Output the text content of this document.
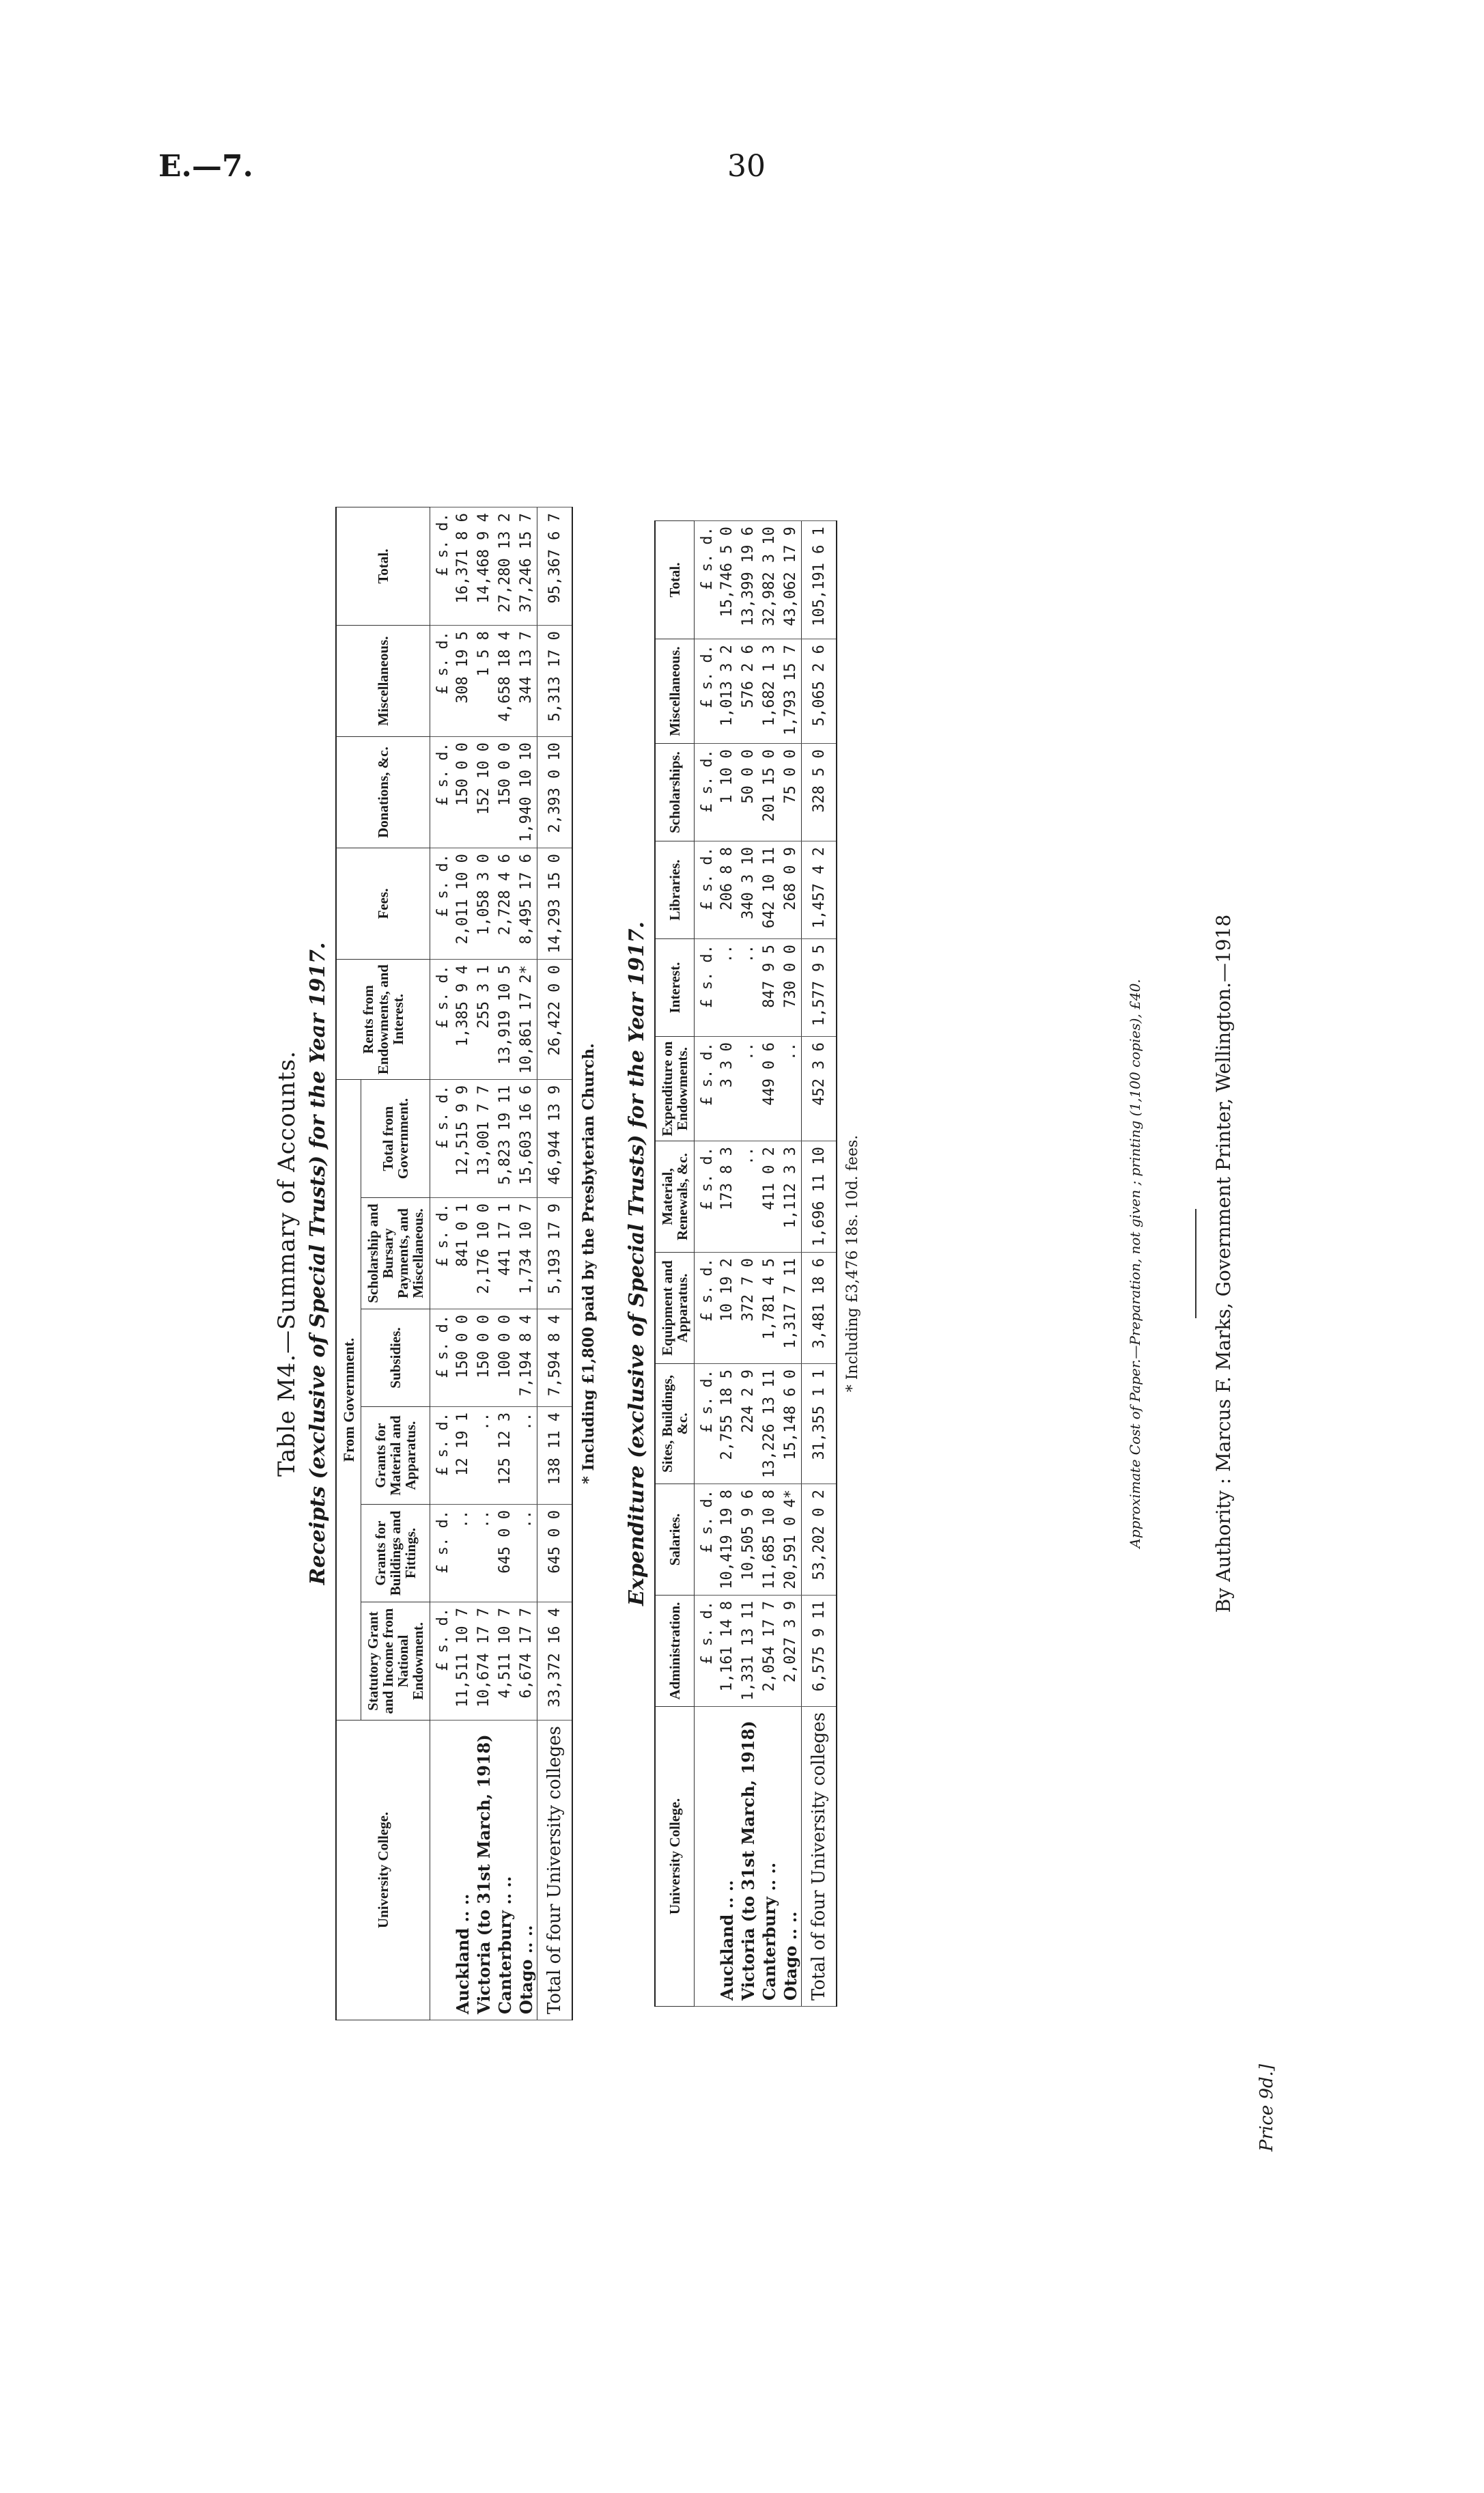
E.—7.	30
Table M4.—Summary of Accounts. Receipts (exclusive of Special Trusts) for the Year 1917.
University College.	From Government.						Rents from Endowments, and Interest.	Fees.	Donations, &c.	Miscellaneous.	Total.
	Statutory Grant and Income from National Endowment.	Grants for Buildings and Fittings.	Grants for Material and Apparatus.	Subsidies.	Scholarship and Bursary Payments, and Miscellaneous.	Total from Government.					
	£ s. d.	£ s. d.	£ s. d.	£ s. d.	£ s. d.	£ s. d.	£ s. d.	£ s. d.	£ s. d.	£ s. d.	£ s. d.
Auckland .. ..	11,511 10 7	..	12 19 1	150 0 0	841 0 1	12,515 9 9	1,385 9 4	2,011 10 0	150 0 0	308 19 5	16,371 8 6
Victoria (to 31st March, 1918)	10,674 17 7	..	..	150 0 0	2,176 10 0	13,001 7 7	255 3 1	1,058 3 0	152 10 0	1 5 8	14,468 9 4
Canterbury .. ..	4,511 10 7	645 0 0	125 12 3	100 0 0	441 17 1	5,823 19 11	13,919 10 5	2,728 4 6	150 0 0	4,658 18 4	27,280 13 2
Otago .. ..	6,674 17 7	..	..	7,194 8 4	1,734 10 7	15,603 16 6	10,861 17 2*	8,495 17 6	1,940 10 10	344 13 7	37,246 15 7
Total of four University colleges	33,372 16 4	645 0 0	138 11 4	7,594 8 4	5,193 17 9	46,944 13 9	26,422 0 0	14,293 15 0	2,393 0 10	5,313 17 0	95,367 6 7
* Including £1,800 paid by the Presbyterian Church. Expenditure (exclusive of Special Trusts) for the Year 1917.
University College.	Administration.	Salaries.	Sites, Buildings, &c.	Equipment and Apparatus.	Material, Renewals, &c.	Expenditure on Endowments.	Interest.	Libraries.	Scholarships.	Miscellaneous.	Total.
	£ s. d.	£ s. d.	£ s. d.	£ s. d.	£ s. d.	£ s. d.	£ s. d.	£ s. d.	£ s. d.	£ s. d.	£ s. d.
Auckland .. ..	1,161 14 8	10,419 19 8	2,755 18 5	10 19 2	173 8 3	3 3 0	..	206 8 8	1 10 0	1,013 3 2	15,746 5 0
Victoria (to 31st March, 1918)	1,331 13 11	10,505 9 6	224 2 9	372 7 0	..	..	..	340 3 10	50 0 0	576 2 6	13,399 19 6
Canterbury .. ..	2,054 17 7	11,685 10 8	13,226 13 11	1,781 4 5	411 0 2	449 0 6	847 9 5	642 10 11	201 15 0	1,682 1 3	32,982 3 10
Otago .. ..	2,027 3 9	20,591 0 4*	15,148 6 0	1,317 7 11	1,112 3 3	..	730 0 0	268 0 9	75 0 0	1,793 15 7	43,062 17 9
Total of four University colleges	6,575 9 11	53,202 0 2	31,355 1 1	3,481 18 6	1,696 11 10	452 3 6	1,577 9 5	1,457 4 2	328 5 0	5,065 2 6	105,191 6 1
* Including £3,476 18s. 10d. fees.	Approximate Cost of Paper.—Preparation, not given ; printing (1,100 copies), £40.	By Authority : Marcus F. Marks, Government Printer, Wellington.—1918
Price 9d.]
